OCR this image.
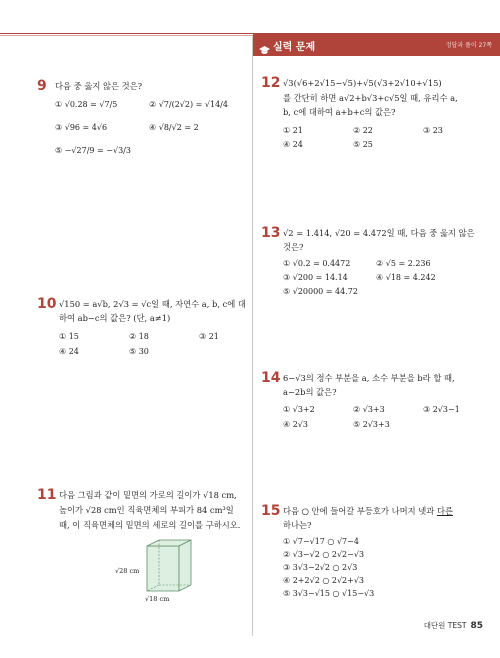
실력 문제	정답과 풀이 27쪽
9 다음 중 옳지 않은 것은?
① √0.28 = √7/5	② √7/(2√2) = √14/4
③ √96 = 4√6	④ √8/√2 = 2
⑤ −√27/9 = −√3/3
10 √150 = a√b, 2√3 = √c일 때, 자연수 a, b, c에 대
하여 ab−c의 값은? (단, a≠1)
① 15	② 18	③ 21
④ 24	⑤ 30
11 다음 그림과 같이 밑면의 가로의 길이가 √18 cm,
높이가 √28 cm인 직육면체의 부피가 84 cm³일
때, 이 직육면체의 밑면의 세로의 길이를 구하시오.
√28 cm
√18 cm
12 √3(√6+2√15−√5)+√5(√3+2√10+√15)
를 간단히 하면 a√2+b√3+c√5일 때, 유리수 a,
b, c에 대하여 a+b+c의 값은?
① 21	② 22	③ 23
④ 24	⑤ 25
13 √2 = 1.414, √20 = 4.472일 때, 다음 중 옳지 않은
것은?
① √0.2 = 0.4472	② √5 = 2.236
③ √200 = 14.14	④ √18 = 4.242
⑤ √20000 = 44.72
14 6−√3의 정수 부분을 a, 소수 부분을 b라 할 때,
a−2b의 값은?
① √3+2	② √3+3	③ 2√3−1
④ 2√3	⑤ 2√3+3
15 다음 ○ 안에 들어갈 부등호가 나머지 넷과 다른
하나는?
① √7−√17 ○ √7−4
② √3−√2 ○ 2√2−√3
③ 3√3−2√2 ○ 2√3
④ 2+2√2 ○ 2√2+√3
⑤ 3√3−√15 ○ √15−√3
대단원 TEST 85
